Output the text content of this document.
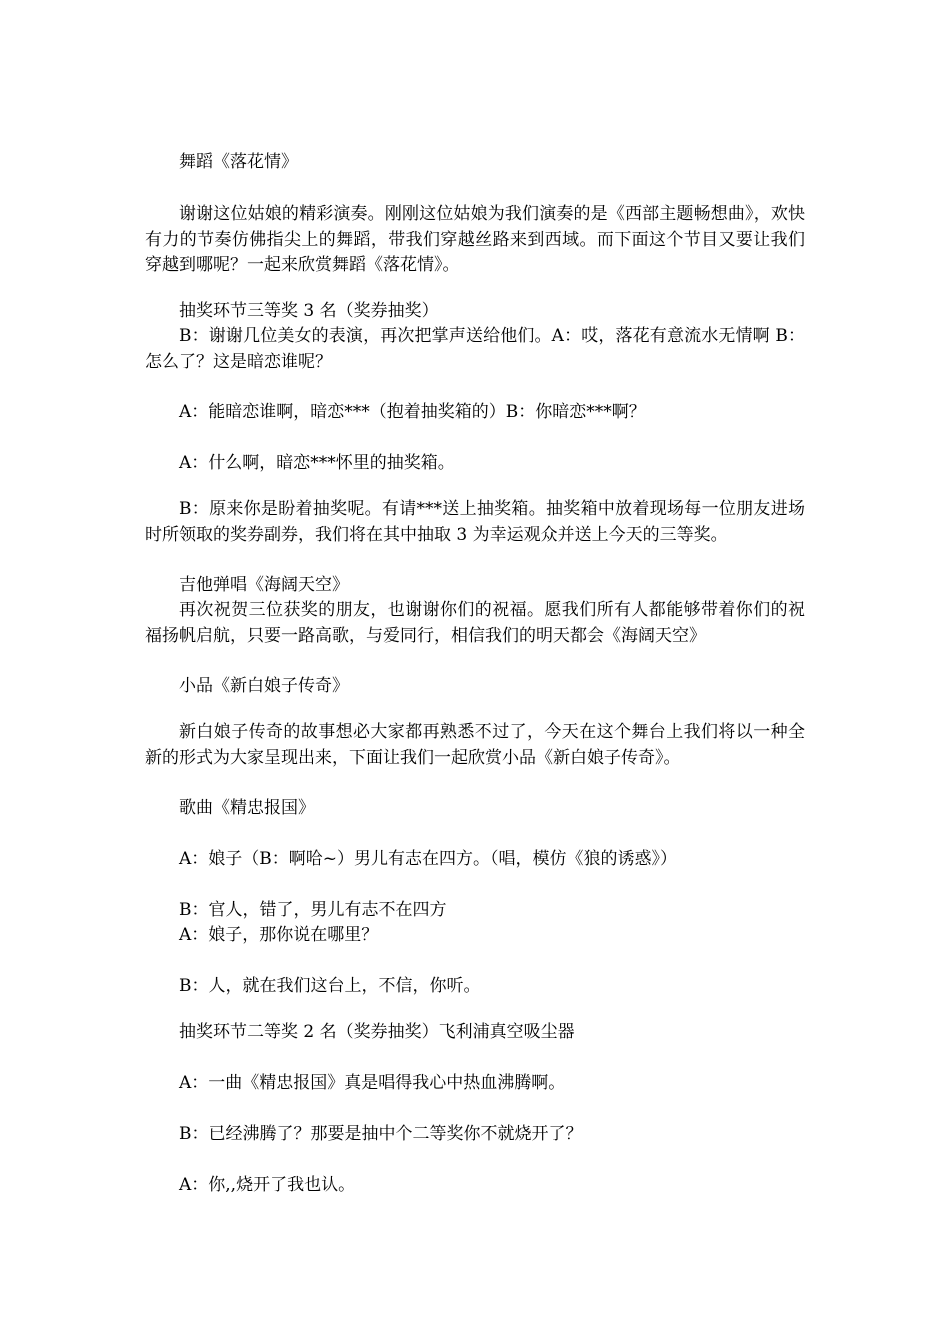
舞蹈《落花情》

谢谢这位姑娘的精彩演奏。刚刚这位姑娘为我们演奏的是《西部主题畅想曲》，欢快有力的节奏仿佛指尖上的舞蹈，带我们穿越丝路来到西域。而下面这个节目又要让我们穿越到哪呢？一起来欣赏舞蹈《落花情》。

抽奖环节三等奖 3 名（奖券抽奖）

B：谢谢几位美女的表演，再次把掌声送给他们。A：哎，落花有意流水无情啊 B：怎么了？这是暗恋谁呢？

A：能暗恋谁啊，暗恋***（抱着抽奖箱的）B：你暗恋***啊？

A：什么啊，暗恋***怀里的抽奖箱。

B：原来你是盼着抽奖呢。有请***送上抽奖箱。抽奖箱中放着现场每一位朋友进场时所领取的奖券副券，我们将在其中抽取 3 为幸运观众并送上今天的三等奖。

吉他弹唱《海阔天空》

再次祝贺三位获奖的朋友，也谢谢你们的祝福。愿我们所有人都能够带着你们的祝福扬帆启航，只要一路高歌，与爱同行，相信我们的明天都会《海阔天空》

小品《新白娘子传奇》

新白娘子传奇的故事想必大家都再熟悉不过了，今天在这个舞台上我们将以一种全新的形式为大家呈现出来，下面让我们一起欣赏小品《新白娘子传奇》。

歌曲《精忠报国》

A：娘子（B：啊哈~）男儿有志在四方。（唱，模仿《狼的诱惑》）

B：官人，错了，男儿有志不在四方

A：娘子，那你说在哪里？

B：人，就在我们这台上，不信，你听。

抽奖环节二等奖 2 名（奖券抽奖）飞利浦真空吸尘器

A：一曲《精忠报国》真是唱得我心中热血沸腾啊。

B：已经沸腾了？那要是抽中个二等奖你不就烧开了？

A：你,,烧开了我也认。
